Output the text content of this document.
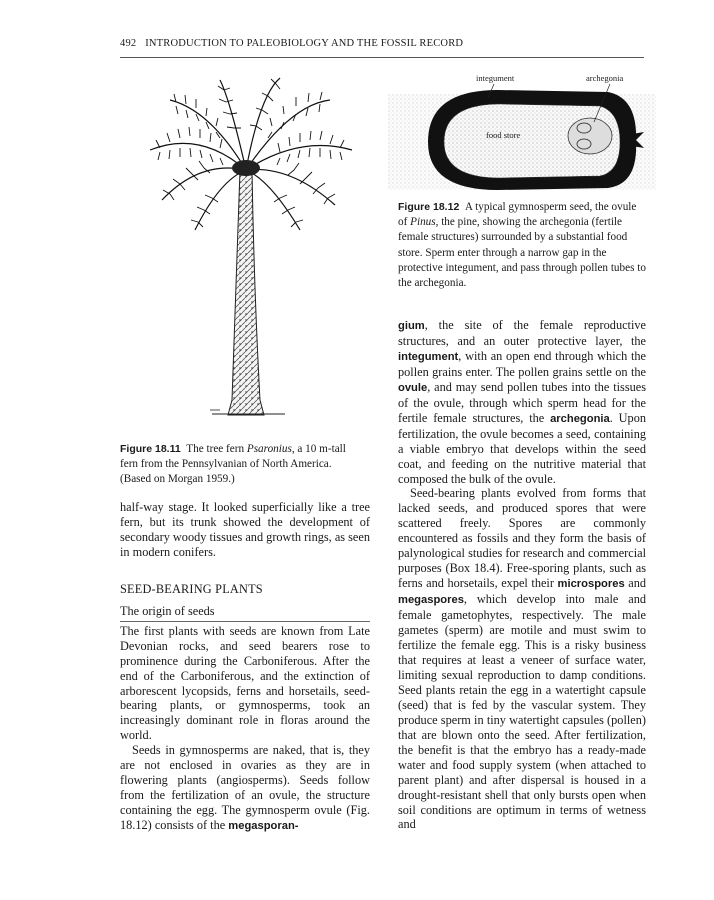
492 INTRODUCTION TO PALEOBIOLOGY AND THE FOSSIL RECORD
Figure 18.11 The tree fern Psaronius, a 10 m-tall fern from the Pennsylvanian of North America. (Based on Morgan 1959.)
integument	archegonia
food store
Figure 18.12 A typical gymnosperm seed, the ovule of Pinus, the pine, showing the archegonia (fertile female structures) surrounded by a substantial food store. Sperm enter through a narrow gap in the protective integument, and pass through pollen tubes to the archegonia.

half-way stage. It looked superficially like a tree fern, but its trunk showed the development of secondary woody tissues and growth rings, as seen in modern conifers.

SEED-BEARING PLANTS

The origin of seeds

The first plants with seeds are known from Late Devonian rocks, and seed bearers rose to prominence during the Carboniferous. After the end of the Carboniferous, and the extinction of arborescent lycopsids, ferns and horsetails, seed-bearing plants, or gymnosperms, took an increasingly dominant role in floras around the world.

Seeds in gymnosperms are naked, that is, they are not enclosed in ovaries as they are in flowering plants (angiosperms). Seeds follow from the fertilization of an ovule, the structure containing the egg. The gymnosperm ovule (Fig. 18.12) consists of the megasporan-

gium, the site of the female reproductive structures, and an outer protective layer, the integument, with an open end through which the pollen grains enter. The pollen grains settle on the ovule, and may send pollen tubes into the tissues of the ovule, through which sperm head for the fertile female structures, the archegonia. Upon fertilization, the ovule becomes a seed, containing a viable embryo that develops within the seed coat, and feeding on the nutritive material that composed the bulk of the ovule.

Seed-bearing plants evolved from forms that lacked seeds, and produced spores that were scattered freely. Spores are commonly encountered as fossils and they form the basis of palynological studies for research and commercial purposes (Box 18.4). Free-sporing plants, such as ferns and horsetails, expel their microspores and megaspores, which develop into male and female gametophytes, respectively. The male gametes (sperm) are motile and must swim to fertilize the female egg. This is a risky business that requires at least a veneer of surface water, limiting sexual reproduction to damp conditions. Seed plants retain the egg in a watertight capsule (seed) that is fed by the vascular system. They produce sperm in tiny watertight capsules (pollen) that are blown onto the seed. After fertilization, the benefit is that the embryo has a ready-made water and food supply system (when attached to parent plant) and after dispersal is housed in a drought-resistant shell that only bursts open when soil conditions are optimum in terms of wetness and
